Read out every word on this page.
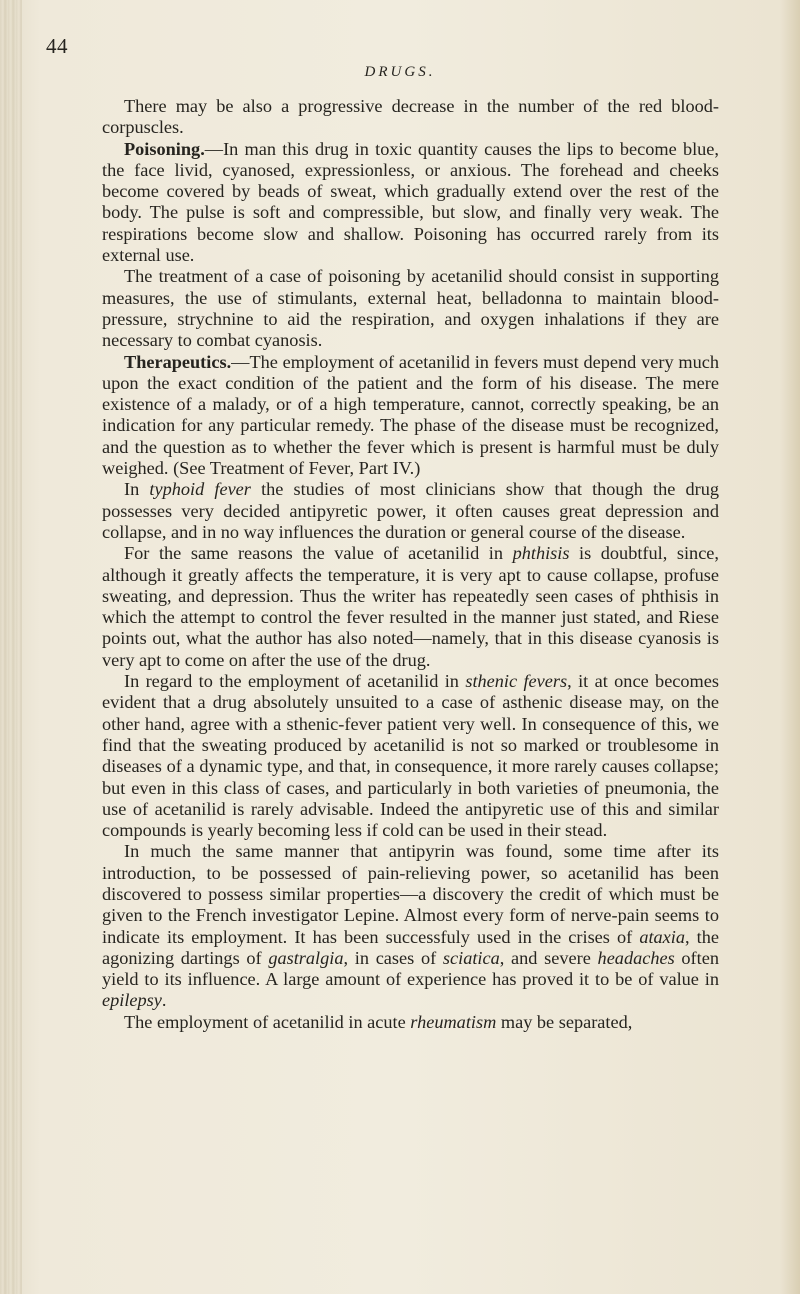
44
DRUGS.

There may be also a progressive decrease in the number of the red blood-corpuscles.

Poisoning.—In man this drug in toxic quantity causes the lips to become blue, the face livid, cyanosed, expressionless, or anxious. The forehead and cheeks become covered by beads of sweat, which gradually extend over the rest of the body. The pulse is soft and compressible, but slow, and finally very weak. The respirations become slow and shallow. Poisoning has occurred rarely from its external use.

The treatment of a case of poisoning by acetanilid should consist in supporting measures, the use of stimulants, external heat, belladonna to maintain blood-pressure, strychnine to aid the respiration, and oxygen inhalations if they are necessary to combat cyanosis.

Therapeutics.—The employment of acetanilid in fevers must depend very much upon the exact condition of the patient and the form of his disease. The mere existence of a malady, or of a high temperature, cannot, correctly speaking, be an indication for any particular remedy. The phase of the disease must be recognized, and the question as to whether the fever which is present is harmful must be duly weighed. (See Treatment of Fever, Part IV.)

In typhoid fever the studies of most clinicians show that though the drug possesses very decided antipyretic power, it often causes great depression and collapse, and in no way influences the duration or general course of the disease.

For the same reasons the value of acetanilid in phthisis is doubtful, since, although it greatly affects the temperature, it is very apt to cause collapse, profuse sweating, and depression. Thus the writer has repeatedly seen cases of phthisis in which the attempt to control the fever resulted in the manner just stated, and Riese points out, what the author has also noted—namely, that in this disease cyanosis is very apt to come on after the use of the drug.

In regard to the employment of acetanilid in sthenic fevers, it at once becomes evident that a drug absolutely unsuited to a case of asthenic disease may, on the other hand, agree with a sthenic-fever patient very well. In consequence of this, we find that the sweating produced by acetanilid is not so marked or troublesome in diseases of a dynamic type, and that, in consequence, it more rarely causes collapse; but even in this class of cases, and particularly in both varieties of pneumonia, the use of acetanilid is rarely advisable. Indeed the antipyretic use of this and similar compounds is yearly becoming less if cold can be used in their stead.

In much the same manner that antipyrin was found, some time after its introduction, to be possessed of pain-relieving power, so acetanilid has been discovered to possess similar properties—a discovery the credit of which must be given to the French investigator Lepine. Almost every form of nerve-pain seems to indicate its employment. It has been successfuly used in the crises of ataxia, the agonizing dartings of gastralgia, in cases of sciatica, and severe headaches often yield to its influence. A large amount of experience has proved it to be of value in epilepsy.

The employment of acetanilid in acute rheumatism may be separated,
